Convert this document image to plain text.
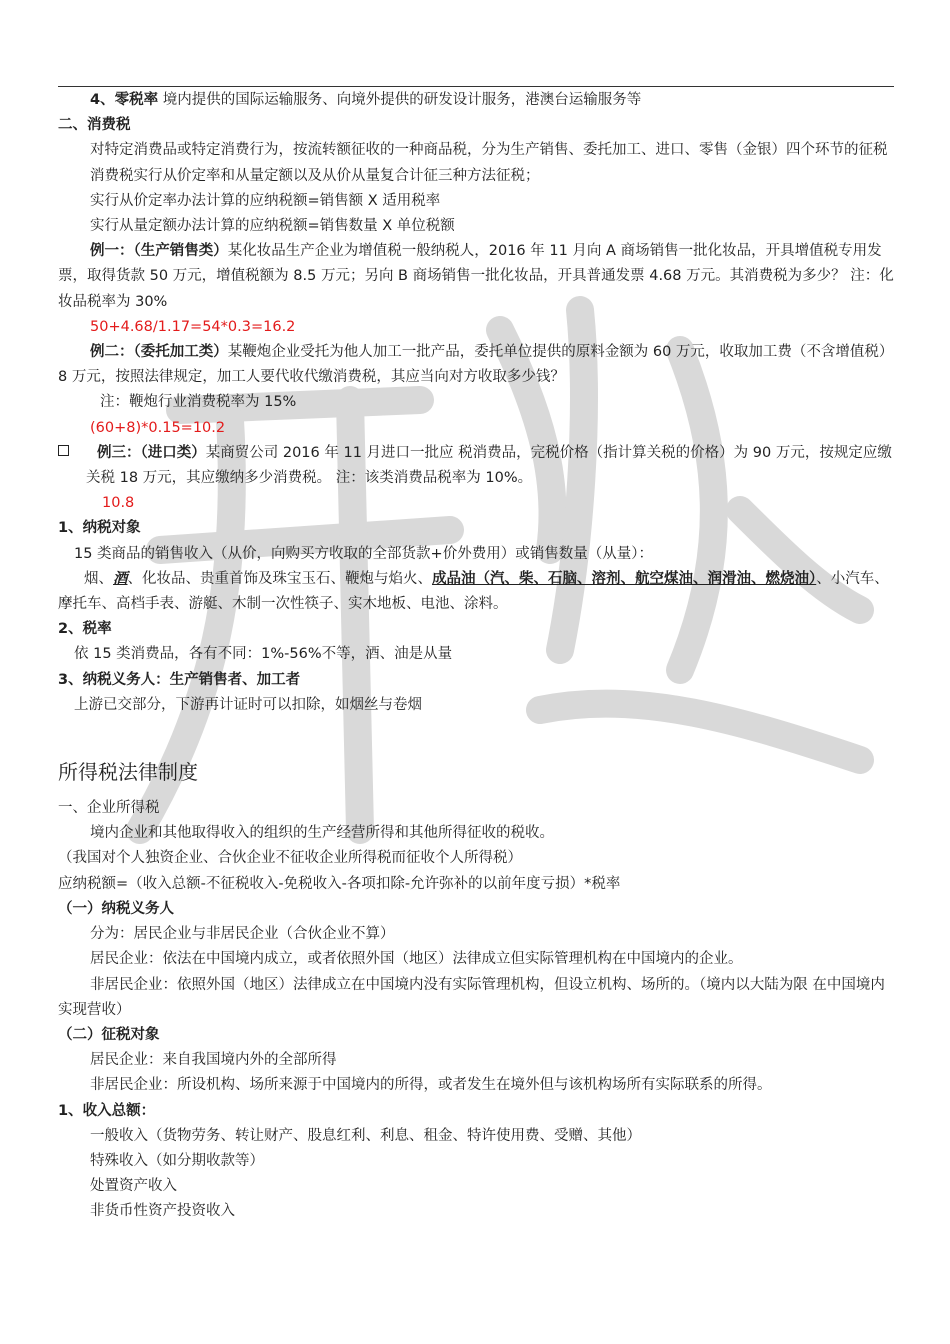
4、零税率 境内提供的国际运输服务、向境外提供的研发设计服务，港澳台运输服务等
二、消费税
对特定消费品或特定消费行为，按流转额征收的一种商品税，分为生产销售、委托加工、进口、零售（金银）四个环节的征税
消费税实行从价定率和从量定额以及从价从量复合计征三种方法征税；
实行从价定率办法计算的应纳税额=销售额 X 适用税率
实行从量定额办法计算的应纳税额=销售数量 X 单位税额
例一：（生产销售类）某化妆品生产企业为增值税一般纳税人，2016 年 11 月向 A 商场销售一批化妆品，开具增值税专用发票，取得货款 50 万元，增值税额为 8.5 万元；另向 B 商场销售一批化妆品，开具普通发票 4.68 万元。其消费税为多少？ 注：化妆品税率为 30%
50+4.68/1.17=54*0.3=16.2
例二：（委托加工类）某鞭炮企业受托为他人加工一批产品，委托单位提供的原料金额为 60 万元，收取加工费（不含增值税）8 万元，按照法律规定，加工人要代收代缴消费税，其应当向对方收取多少钱？
注：鞭炮行业消费税率为 15%
(60+8)*0.15=10.2
例三：（进口类）某商贸公司 2016 年 11 月进口一批应 税消费品，完税价格（指计算关税的价格）为 90 万元，按规定应缴关税 18 万元，其应缴纳多少消费税。 注：该类消费品税率为 10%。
10.8
1、纳税对象
15 类商品的销售收入（从价，向购买方收取的全部货款+价外费用）或销售数量（从量）：
烟、酒、化妆品、贵重首饰及珠宝玉石、鞭炮与焰火、成品油（汽、柴、石脑、溶剂、航空煤油、润滑油、燃烧油）、小汽车、摩托车、高档手表、游艇、木制一次性筷子、实木地板、电池、涂料。
2、税率
依 15 类消费品，各有不同：1%-56%不等，酒、油是从量
3、纳税义务人：生产销售者、加工者
上游已交部分，下游再计证时可以扣除，如烟丝与卷烟
所得税法律制度
一、企业所得税
境内企业和其他取得收入的组织的生产经营所得和其他所得征收的税收。
（我国对个人独资企业、合伙企业不征收企业所得税而征收个人所得税）
应纳税额=（收入总额-不征税收入-免税收入-各项扣除-允许弥补的以前年度亏损）*税率
（一）纳税义务人
分为：居民企业与非居民企业（合伙企业不算）
居民企业：依法在中国境内成立，或者依照外国（地区）法律成立但实际管理机构在中国境内的企业。
非居民企业：依照外国（地区）法律成立在中国境内没有实际管理机构，但设立机构、场所的。（境内以大陆为限 在中国境内实现营收）
（二）征税对象
居民企业：来自我国境内外的全部所得
非居民企业：所设机构、场所来源于中国境内的所得，或者发生在境外但与该机构场所有实际联系的所得。
1、收入总额：
一般收入（货物劳务、转让财产、股息红利、利息、租金、特许使用费、受赠、其他）
特殊收入（如分期收款等）
处置资产收入
非货币性资产投资收入
